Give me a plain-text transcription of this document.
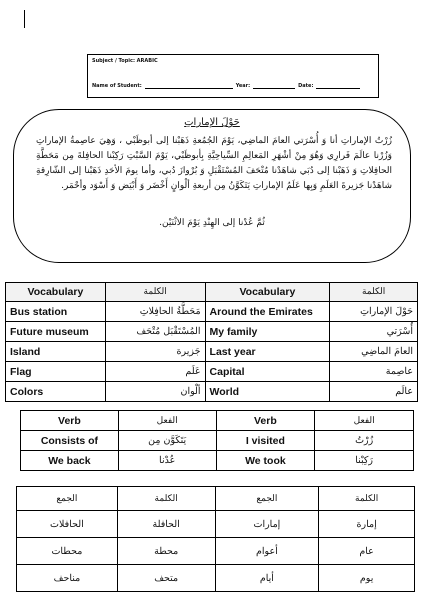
Subject / Topic: ARABIC
Name of Student:	Year:	Date:
حَوْلَ الإماراتِ
زُرْتُ الإماراتِ أنا وَ أُسْرَتي العامَ الماضِي، يَوْمَ الجُمُعةِ ذَهَبْنا إلى أبوظَبْي ، وَهِيَ عاصِمةُ الإماراتِ وَزُرْنا عالَمَ فَرارِي وَهُوَ مِنْ أشْهَرِ المَعالِمِ السِّياحِيَّةِ بِأبوظَبْي، يَوْمَ السَّبْتِ رَكِبْنا الحافِلةَ مِن مَحَطَّةِ الحافِلاتِ وَ ذَهَبْنا إلى دُبَي شاهَدْنا مُتْحَفَ المُسْتَقْبَلِ وَ بُرْوازَ دُبي، وأما يومَ الأحَدِ ذَهَبْنا إلى الشّارِقةِ شاهَدْنا جَزيرةَ العَلَمِ وَبِها عَلَمُ الإماراتِ يَتَكَوَّنُ مِن أربعةِ ألْوانٍ أَخْضَر وَ أَبْيَض وَ أَسْوَد وأحْمَر.
ثُمَّ عُدْنا إلى الهِنْدِ يَوْمَ الاثْنَيْن.
Vocabulary	الكلمة	Vocabulary	الكلمة
Bus station	مَحَطَّةُ الحافِلاتِ	Around the Emirates	حَوْلَ الإماراتِ
Future museum	المُسْتَقْبَل مُتْحَف	My family	أُسْرَتي
Island	جَزيرة	Last year	العامَ الماضِي
Flag	عَلَم	Capital	عاصِمة
Colors	ألْوان	World	عالَم
Verb	الفعل	Verb	الفعل
Consists of	يَتَكَوَّن مِن	I visited	زُرْتُ
We back	عُدْنا	We took	رَكِبْنا
الكلمة	الجمع	الكلمة	الجمع
إمارة	إمارات	الحافلة	الحافلات
عام	أعوام	محطة	محطات
يوم	أيام	متحف	مناحف
